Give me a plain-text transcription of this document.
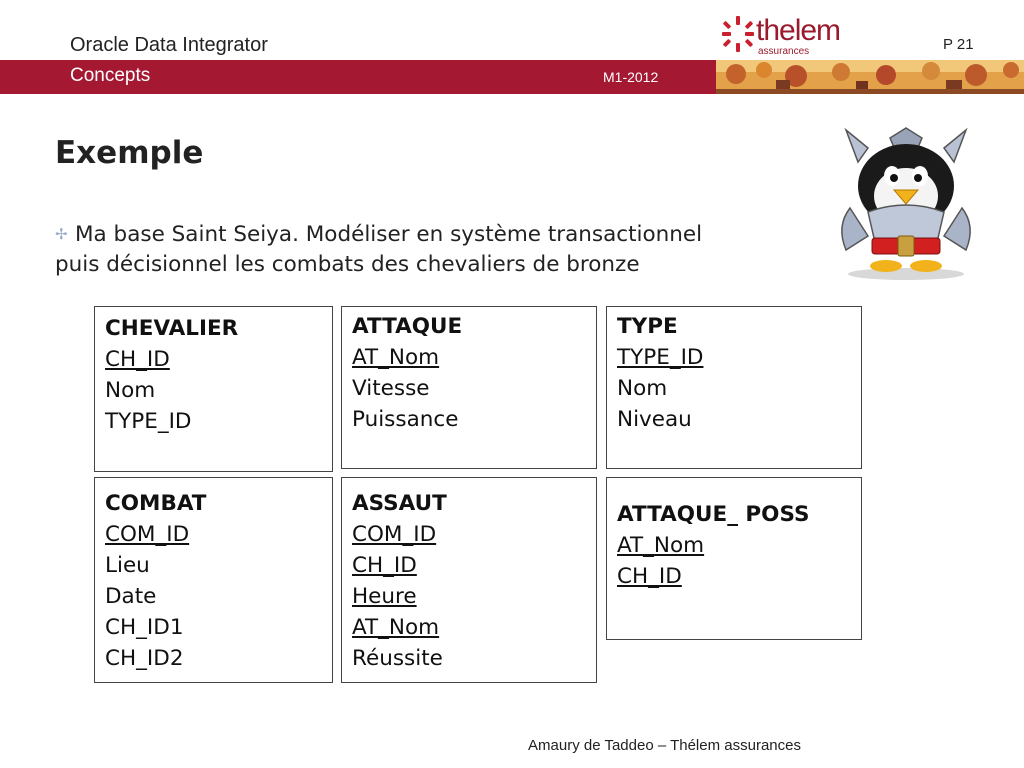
Oracle Data Integrator	thelem
assurances	P 21
Concepts	M1-2012
Exemple
✢ Ma base Saint Seiya. Modéliser en système transactionnel
puis décisionnel les combats des chevaliers de bronze
CHEVALIER
CH_ID
Nom
TYPE_ID
ATTAQUE
AT_Nom
Vitesse
Puissance
TYPE
TYPE_ID
Nom
Niveau
COMBAT
COM_ID
Lieu
Date
CH_ID1
CH_ID2
ASSAUT
COM_ID
CH_ID
Heure
AT_Nom
Réussite
ATTAQUE_ POSS
AT_Nom
CH_ID
Amaury de Taddeo – Thélem assurances
